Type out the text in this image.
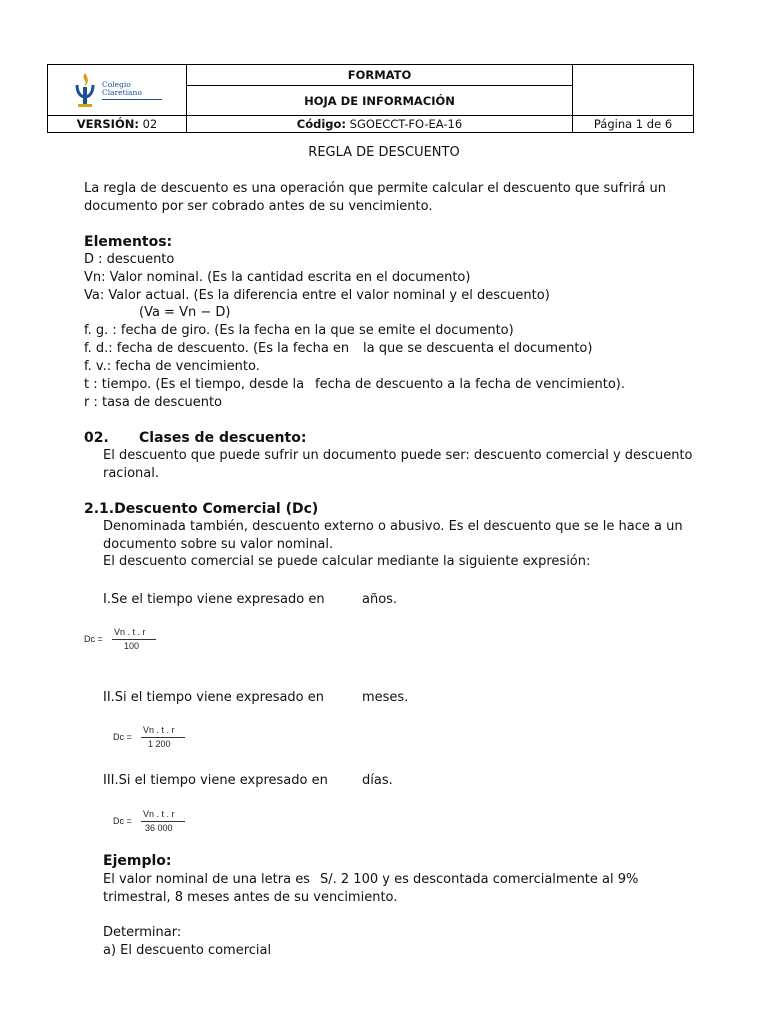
Colegio
Claretiano	FORMATO	
	HOJA DE INFORMACIÓN	
VERSIÓN: 02	Código: SGOECCT-FO-EA-16	Página 1 de 6
REGLA DE DESCUENTO
La regla de descuento es una operación que permite calcular el descuento que sufrirá un
documento por ser cobrado antes de su vencimiento.
Elementos:
D : descuento
Vn: Valor nominal. (Es la cantidad escrita en el documento)
Va: Valor actual. (Es la diferencia entre el valor nominal y el descuento)
(Va = Vn − D)
f. g. : fecha de giro. (Es la fecha en la que se emite el documento)
f. d.: fecha de descuento. (Es la fecha en la que se descuenta el documento)
f. v.: fecha de vencimiento.
t : tiempo. (Es el tiempo, desde la fecha de descuento a la fecha de vencimiento).
r : tasa de descuento
02. Clases de descuento:
El descuento que puede sufrir un documento puede ser: descuento comercial y descuento
racional.
2.1.Descuento Comercial (Dc)
Denominada también, descuento externo o abusivo. Es el descuento que se le hace a un
documento sobre su valor nominal.
El descuento comercial se puede calcular mediante la siguiente expresión:
I.Se el tiempo viene expresado en	años.
Dc =
Vn . t . r
100
II.Si el tiempo viene expresado en	meses.
Dc =
Vn . t . r
1 200
III.Si el tiempo viene expresado en	días.
Dc =
Vn . t . r
36 000
Ejemplo:
El valor nominal de una letra es S/. 2 100 y es descontada comercialmente al 9%
trimestral, 8 meses antes de su vencimiento.
Determinar:
a) El descuento comercial
